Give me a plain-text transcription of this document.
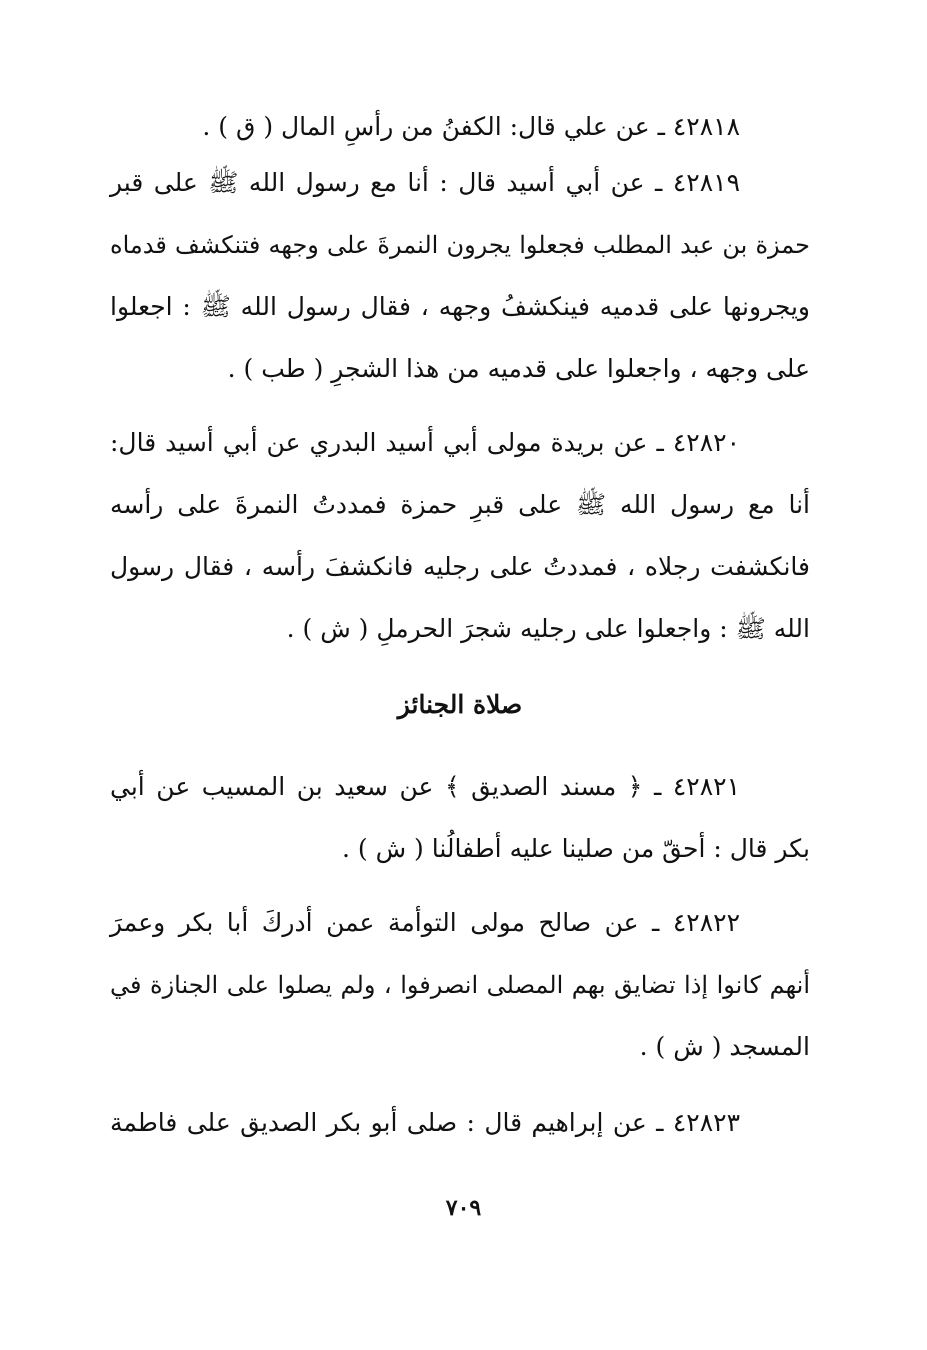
٤٢٨١٨ ـ عن علي قال: الكفنُ من رأسِ المال ( ق ) .
٤٢٨١٩ ـ عن أبي أسيد قال : أنا مع رسول الله ﷺ على قبر
حمزة بن عبد المطلب فجعلوا يجرون النمرةَ على وجهه فتنكشف قدماه
ويجرونها على قدميه فينكشفُ وجهه ، فقال رسول الله ﷺ : اجعلوا
على وجهه ، واجعلوا على قدميه من هذا الشجرِ ( طب ) .
٤٢٨٢٠ ـ عن بريدة مولى أبي أسيد البدري عن أبي أسيد قال:
أنا مع رسول الله ﷺ على قبرِ حمزة فمددتُ النمرةَ على رأسه
فانكشفت رجلاه ، فمددتُ على رجليه فانكشفَ رأسه ، فقال رسول
الله ﷺ : واجعلوا على رجليه شجرَ الحرملِ ( ش ) .
صلاة الجنائز
٤٢٨٢١ ـ ﴿ مسند الصديق ﴾ عن سعيد بن المسيب عن أبي
بكر قال : أحقّ من صلينا عليه أطفالُنا ( ش ) .
٤٢٨٢٢ ـ عن صالح مولى التوأمة عمن أدركَ أبا بكر وعمرَ
أنهم كانوا إذا تضايق بهم المصلى انصرفوا ، ولم يصلوا على الجنازة في
المسجد ( ش ) .
٤٢٨٢٣ ـ عن إبراهيم قال : صلى أبو بكر الصديق على فاطمة
٧٠٩
